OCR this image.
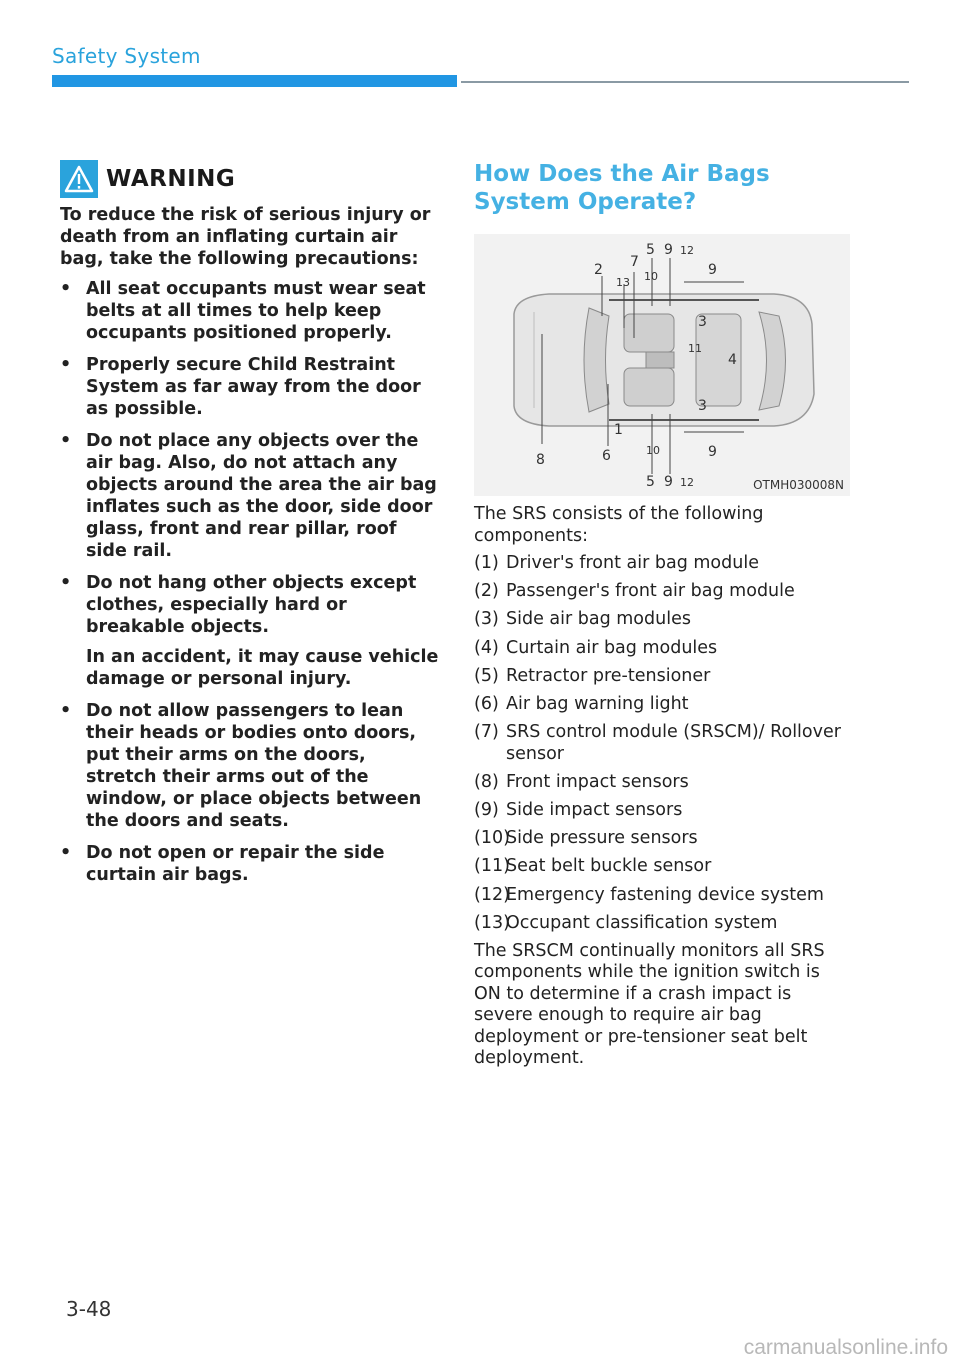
Safety System
WARNING

To reduce the risk of serious injury or death from an inflating curtain air bag, take the following precautions:

• All seat occupants must wear seat belts at all times to help keep occupants positioned properly.
• Properly secure Child Restraint System as far away from the door as possible.
• Do not place any objects over the air bag. Also, do not attach any objects around the area the air bag inflates such as the door, side door glass, front and rear pillar, roof side rail.
• Do not hang other objects except clothes, especially hard or breakable objects.
In an accident, it may cause vehicle damage or personal injury.
• Do not allow passengers to lean their heads or bodies onto doors, put their arms on the doors, stretch their arms out of the window, or place objects between the doors and seats.
• Do not open or repair the side curtain air bags.
How Does the Air Bags System Operate?
2 7
5 9 12
13 10	9
3
11
4
3
1
8	6	10	9
5 9 12	OTMH030008N

The SRS consists of the following components:

(1) Driver's front air bag module
(2) Passenger's front air bag module
(3) Side air bag modules
(4) Curtain air bag modules
(5) Retractor pre-tensioner
(6) Air bag warning light
(7) SRS control module (SRSCM)/ Rollover sensor
(8) Front impact sensors
(9) Side impact sensors
(10)
Side pressure sensors
(11)
Seat belt buckle sensor
(12)
Emergency fastening device system
(13)
Occupant classification system

The SRSCM continually monitors all SRS components while the ignition switch is ON to determine if a crash impact is severe enough to require air bag deployment or pre-tensioner seat belt deployment.

3-48
carmanualsonline.info
